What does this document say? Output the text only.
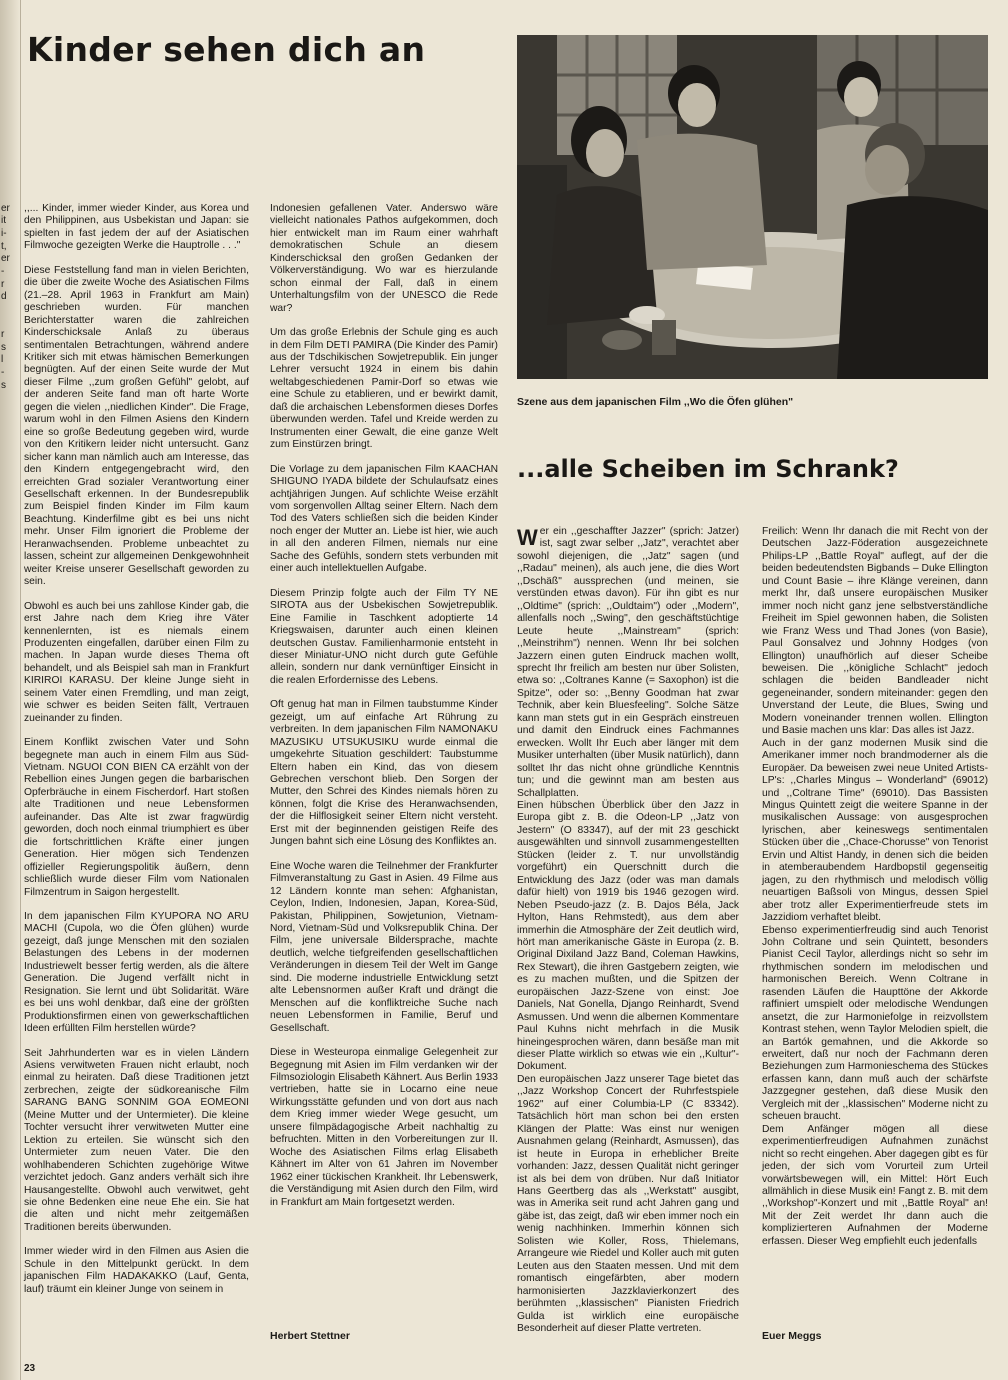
er
it
i-
t,
er
-
r
d
r
s
l
-
s
Kinder sehen dich an

,,... Kinder, immer wieder Kinder, aus Korea und den Philippinen, aus Usbekistan und Japan: sie spielten in fast jedem der auf der Asiatischen Filmwoche gezeigten Werke die Hauptrolle . . ."

Diese Feststellung fand man in vielen Berichten, die über die zweite Woche des Asiatischen Films (21.–28. April 1963 in Frankfurt am Main) geschrieben wurden. Für manchen Berichterstatter waren die zahlreichen Kinderschicksale Anlaß zu überaus sentimentalen Betrachtungen, während andere Kritiker sich mit etwas hämischen Bemerkungen begnügten. Auf der einen Seite wurde der Mut dieser Filme ,,zum großen Gefühl" gelobt, auf der anderen Seite fand man oft harte Worte gegen die vielen ,,niedlichen Kinder". Die Frage, warum wohl in den Filmen Asiens den Kindern eine so große Bedeutung gegeben wird, wurde von den Kritikern leider nicht untersucht. Ganz sicher kann man nämlich auch am Interesse, das den Kindern entgegengebracht wird, den erreichten Grad sozialer Verantwortung einer Gesellschaft erkennen. In der Bundesrepublik zum Beispiel finden Kinder im Film kaum Beachtung. Kinderfilme gibt es bei uns nicht mehr. Unser Film ignoriert die Probleme der Heranwachsenden. Probleme unbeachtet zu lassen, scheint zur allgemeinen Denkgewohnheit weiter Kreise unserer Gesellschaft geworden zu sein.

Obwohl es auch bei uns zahllose Kinder gab, die erst Jahre nach dem Krieg ihre Väter kennenlernten, ist es niemals einem Produzenten eingefallen, darüber einen Film zu machen. In Japan wurde dieses Thema oft behandelt, und als Beispiel sah man in Frankfurt KIRIROI KARASU. Der kleine Junge sieht in seinem Vater einen Fremdling, und man zeigt, wie schwer es beiden Seiten fällt, Vertrauen zueinander zu finden.

Einem Konflikt zwischen Vater und Sohn begegnete man auch in einem Film aus Süd-Vietnam. NGUOI CON BIEN CA erzählt von der Rebellion eines Jungen gegen die barbarischen Opferbräuche in einem Fischerdorf. Hart stoßen alte Traditionen und neue Lebensformen aufeinander. Das Alte ist zwar fragwürdig geworden, doch noch einmal triumphiert es über die fortschrittlichen Kräfte einer jungen Generation. Hier mögen sich Tendenzen offizieller Regierungspolitik äußern, denn schließlich wurde dieser Film vom Nationalen Filmzentrum in Saigon hergestellt.

In dem japanischen Film KYUPORA NO ARU MACHI (Cupola, wo die Öfen glühen) wurde gezeigt, daß junge Menschen mit den sozialen Belastungen des Lebens in der modernen Industriewelt besser fertig werden, als die ältere Generation. Die Jugend verfällt nicht in Resignation. Sie lernt und übt Solidarität. Wäre es bei uns wohl denkbar, daß eine der größten Produktionsfirmen einen von gewerkschaftlichen Ideen erfüllten Film herstellen würde?

Seit Jahrhunderten war es in vielen Ländern Asiens verwitweten Frauen nicht erlaubt, noch einmal zu heiraten. Daß diese Traditionen jetzt zerbrechen, zeigte der südkoreanische Film SARANG BANG SONNIM GOA EOMEONI (Meine Mutter und der Untermieter). Die kleine Tochter versucht ihrer verwitweten Mutter eine Lektion zu erteilen. Sie wünscht sich den Untermieter zum neuen Vater. Die den wohlhabenderen Schichten zugehörige Witwe verzichtet jedoch. Ganz anders verhält sich ihre Hausangestellte. Obwohl auch verwitwet, geht sie ohne Bedenken eine neue Ehe ein. Sie hat die alten und nicht mehr zeitgemäßen Traditionen bereits überwunden.

Immer wieder wird in den Filmen aus Asien die Schule in den Mittelpunkt gerückt. In dem japanischen Film HADAKAKKO (Lauf, Genta, lauf) träumt ein kleiner Junge von seinem in

Indonesien gefallenen Vater. Anderswo wäre vielleicht nationales Pathos aufgekommen, doch hier entwickelt man im Raum einer wahrhaft demokratischen Schule an diesem Kinderschicksal den großen Gedanken der Völkerverständigung. Wo war es hierzulande schon einmal der Fall, daß in einem Unterhaltungsfilm von der UNESCO die Rede war?

Um das große Erlebnis der Schule ging es auch in dem Film DETI PAMIRA (Die Kinder des Pamir) aus der Tdschikischen Sowjetrepublik. Ein junger Lehrer versucht 1924 in einem bis dahin weltabgeschiedenen Pamir-Dorf so etwas wie eine Schule zu etablieren, und er bewirkt damit, daß die archaischen Lebensformen dieses Dorfes überwunden werden. Tafel und Kreide werden zu Instrumenten einer Gewalt, die eine ganze Welt zum Einstürzen bringt.

Die Vorlage zu dem japanischen Film KAACHAN SHIGUNO IYADA bildete der Schulaufsatz eines achtjährigen Jungen. Auf schlichte Weise erzählt vom sorgenvollen Alltag seiner Eltern. Nach dem Tod des Vaters schließen sich die beiden Kinder noch enger der Mutter an. Liebe ist hier, wie auch in all den anderen Filmen, niemals nur eine Sache des Gefühls, sondern stets verbunden mit einer auch intellektuellen Aufgabe.

Diesem Prinzip folgte auch der Film TY NE SIROTA aus der Usbekischen Sowjetrepublik. Eine Familie in Taschkent adoptierte 14 Kriegswaisen, darunter auch einen kleinen deutschen Gustav. Familienharmonie entsteht in dieser Miniatur-UNO nicht durch gute Gefühle allein, sondern nur dank vernünftiger Einsicht in die realen Erfordernisse des Lebens.

Oft genug hat man in Filmen taubstumme Kinder gezeigt, um auf einfache Art Rührung zu verbreiten. In dem japanischen Film NAMONAKU MAZUSIKU UTSUKUSIKU wurde einmal die umgekehrte Situation geschildert: Taubstumme Eltern haben ein Kind, das von diesem Gebrechen verschont blieb. Den Sorgen der Mutter, den Schrei des Kindes niemals hören zu können, folgt die Krise des Heranwachsenden, der die Hilflosigkeit seiner Eltern nicht versteht. Erst mit der beginnenden geistigen Reife des Jungen bahnt sich eine Lösung des Konfliktes an.

Eine Woche waren die Teilnehmer der Frankfurter Filmveranstaltung zu Gast in Asien. 49 Filme aus 12 Ländern konnte man sehen: Afghanistan, Ceylon, Indien, Indonesien, Japan, Korea-Süd, Pakistan, Philippinen, Sowjetunion, Vietnam-Nord, Vietnam-Süd und Volksrepublik China. Der Film, jene universale Bildersprache, machte deutlich, welche tiefgreifenden gesellschaftlichen Veränderungen in diesem Teil der Welt im Gange sind. Die moderne industrielle Entwicklung setzt alte Lebensnormen außer Kraft und drängt die Menschen auf die konfliktreiche Suche nach neuen Lebensformen in Familie, Beruf und Gesellschaft.

Diese in Westeuropa einmalige Gelegenheit zur Begegnung mit Asien im Film verdanken wir der Filmsoziologin Elisabeth Kähnert. Aus Berlin 1933 vertrieben, hatte sie in Locarno eine neue Wirkungsstätte gefunden und von dort aus nach dem Krieg immer wieder Wege gesucht, um unsere filmpädagogische Arbeit nachhaltig zu befruchten. Mitten in den Vorbereitungen zur II. Woche des Asiatischen Films erlag Elisabeth Kähnert im Alter von 61 Jahren im November 1962 einer tückischen Krankheit. Ihr Lebenswerk, die Verständigung mit Asien durch den Film, wird in Frankfurt am Main fortgesetzt werden.

Herbert Stettner
Szene aus dem japanischen Film ,,Wo die Öfen glühen"
...alle Scheiben im Schrank?

Wer ein ,,geschaffter Jazzer" (sprich: Jatzer) ist, sagt zwar selber ,,Jatz", verachtet aber sowohl diejenigen, die ,,Jatz" sagen (und ,,Radau" meinen), als auch jene, die dies Wort ,,Dschäß" aussprechen (und meinen, sie verstünden etwas davon). Für ihn gibt es nur ,,Oldtime" (sprich: ,,Ouldtaim") oder ,,Modern", allenfalls noch ,,Swing", den geschäftstüchtige Leute heute ,,Mainstream" (sprich: ,,Meinstrihm") nennen. Wenn Ihr bei solchen Jazzern einen guten Eindruck machen wollt, sprecht Ihr freilich am besten nur über Solisten, etwa so: ,,Coltranes Kanne (= Saxophon) ist die Spitze", oder so: ,,Benny Goodman hat zwar Technik, aber kein Bluesfeeling". Solche Sätze kann man stets gut in ein Gespräch einstreuen und damit den Eindruck eines Fachmannes erwecken. Wollt Ihr Euch aber länger mit dem Musiker unterhalten (über Musik natürlich), dann solltet Ihr das nicht ohne gründliche Kenntnis tun; und die gewinnt man am besten aus Schallplatten.
Einen hübschen Überblick über den Jazz in Europa gibt z. B. die Odeon-LP ,,Jatz von Jestern" (O 83347), auf der mit 23 geschickt ausgewählten und sinnvoll zusammengestellten Stücken (leider z. T. nur unvollständig vorgeführt) ein Querschnitt durch die Entwicklung des Jazz (oder was man damals dafür hielt) von 1919 bis 1946 gezogen wird. Neben Pseudo-jazz (z. B. Dajos Béla, Jack Hylton, Hans Rehmstedt), aus dem aber immerhin die Atmosphäre der Zeit deutlich wird, hört man amerikanische Gäste in Europa (z. B. Original Dixiland Jazz Band, Coleman Hawkins, Rex Stewart), die ihren Gastgebern zeigten, wie es zu machen mußten, und die Spitzen der europäischen Jazz-Szene von einst: Joe Daniels, Nat Gonella, Django Reinhardt, Svend Asmussen. Und wenn die albernen Kommentare Paul Kuhns nicht mehrfach in die Musik hineingesprochen wären, dann besäße man mit dieser Platte wirklich so etwas wie ein ,,Kultur"-Dokument.
Den europäischen Jazz unserer Tage bietet das ,,Jazz Workshop Concert der Ruhrfestspiele 1962" auf einer Columbia-LP (C 83342). Tatsächlich hört man schon bei den ersten Klängen der Platte: Was einst nur wenigen Ausnahmen gelang (Reinhardt, Asmussen), das ist heute in Europa in erheblicher Breite vorhanden: Jazz, dessen Qualität nicht geringer ist als bei dem von drüben. Nur daß Initiator Hans Geertberg das als ,,Werkstatt" ausgibt, was in Amerika seit rund acht Jahren gang und gäbe ist, das zeigt, daß wir eben immer noch ein wenig nachhinken. Immerhin können sich Solisten wie Koller, Ross, Thielemans, Arrangeure wie Riedel und Koller auch mit guten Leuten aus den Staaten messen. Und mit dem romantisch eingefärbten, aber modern harmonisierten Jazzklavierkonzert des berühmten ,,klassischen" Pianisten Friedrich Gulda ist wirklich eine europäische Besonderheit auf dieser Platte vertreten.

Freilich: Wenn Ihr danach die mit Recht von der Deutschen Jazz-Föderation ausgezeichnete Philips-LP ,,Battle Royal" auflegt, auf der die beiden bedeutendsten Bigbands – Duke Ellington und Count Basie – ihre Klänge vereinen, dann merkt Ihr, daß unsere europäischen Musiker immer noch nicht ganz jene selbstverständliche Freiheit im Spiel gewonnen haben, die Solisten wie Franz Wess und Thad Jones (von Basie), Paul Gonsalvez und Johnny Hodges (von Ellington) unaufhörlich auf dieser Scheibe beweisen. Die ,,königliche Schlacht" jedoch schlagen die beiden Bandleader nicht gegeneinander, sondern miteinander: gegen den Unverstand der Leute, die Blues, Swing und Modern voneinander trennen wollen. Ellington und Basie machen uns klar: Das alles ist Jazz.
Auch in der ganz modernen Musik sind die Amerikaner immer noch brandmoderner als die Europäer. Da beweisen zwei neue United Artists-LP's: ,,Charles Mingus – Wonderland" (69012) und ,,Coltrane Time" (69010). Das Bassisten Mingus Quintett zeigt die weitere Spanne in der musikalischen Aussage: von ausgesprochen lyrischen, aber keineswegs sentimentalen Stücken über die ,,Chace-Chorusse" von Tenorist Ervin und Altist Handy, in denen sich die beiden in atemberaubendem Hardbopstil gegenseitig jagen, zu den rhythmisch und melodisch völlig neuartigen Baßsoli von Mingus, dessen Spiel aber trotz aller Experimentierfreude stets im Jazzidiom verhaftet bleibt.
Ebenso experimentierfreudig sind auch Tenorist John Coltrane und sein Quintett, besonders Pianist Cecil Taylor, allerdings nicht so sehr im rhythmischen sondern im melodischen und harmonischen Bereich. Wenn Coltrane in rasenden Läufen die Haupttöne der Akkorde raffiniert umspielt oder melodische Wendungen ansetzt, die zur Harmoniefolge in reizvollstem Kontrast stehen, wenn Taylor Melodien spielt, die an Bartók gemahnen, und die Akkorde so erweitert, daß nur noch der Fachmann deren Beziehungen zum Harmonieschema des Stückes erfassen kann, dann muß auch der schärfste Jazzgegner gestehen, daß diese Musik den Vergleich mit der ,,klassischen" Moderne nicht zu scheuen braucht.
Dem Anfänger mögen all diese experimentierfreudigen Aufnahmen zunächst nicht so recht eingehen. Aber dagegen gibt es für jeden, der sich vom Vorurteil zum Urteil vorwärtsbewegen will, ein Mittel: Hört Euch allmählich in diese Musik ein! Fangt z. B. mit dem ,,Workshop"-Konzert und mit ,,Battle Royal" an! Mit der Zeit werdet Ihr dann auch die komplizierteren Aufnahmen der Moderne erfassen. Dieser Weg empfiehlt euch jedenfalls

Euer Meggs
23
